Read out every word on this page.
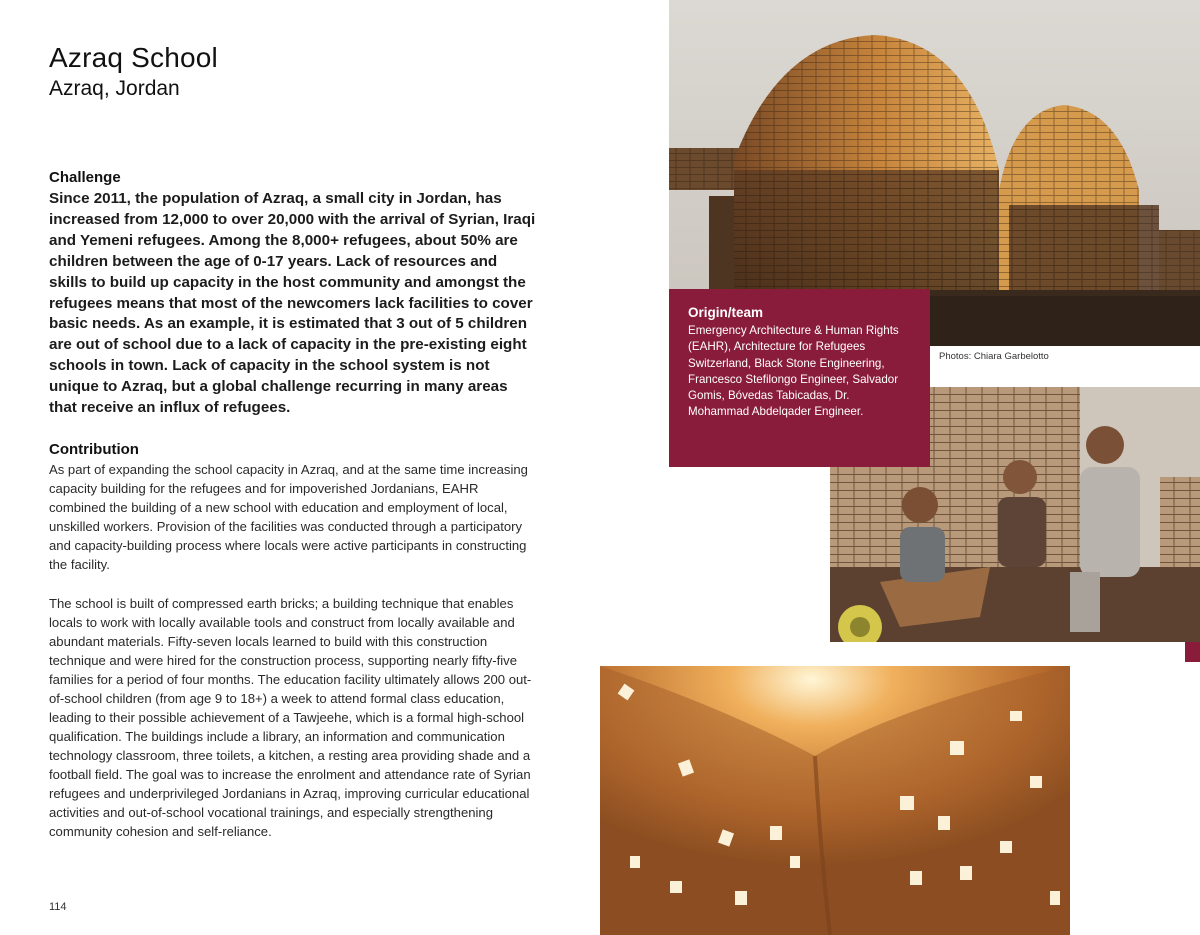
Azraq School
Azraq, Jordan
Challenge

Since 2011, the population of Azraq, a small city in Jordan, has increased from 12,000 to over 20,000 with the arrival of Syrian, Iraqi and Yemeni refugees. Among the 8,000+ refugees, about 50% are children between the age of 0-17 years. Lack of resources and skills to build up capacity in the host community and amongst the refugees means that most of the newcomers lack facilities to cover basic needs. As an example, it is estimated that 3 out of 5 children are out of school due to a lack of capacity in the pre-existing eight schools in town. Lack of capacity in the school system is not unique to Azraq, but a global challenge recurring in many areas that receive an influx of refugees.

Contribution

As part of expanding the school capacity in Azraq, and at the same time increasing capacity building for the refugees and for impoverished Jordanians, EAHR combined the building of a new school with education and employment of local, unskilled workers. Provision of the facilities was conducted through a participatory and capacity-building process where locals were active participants in constructing the facility.

The school is built of compressed earth bricks; a building technique that enables locals to work with locally available tools and construct from locally available and abundant materials. Fifty-seven locals learned to build with this construction technique and were hired for the construction process, supporting nearly fifty-five families for a period of four months. The education facility ultimately allows 200 out-of-school children (from age 9 to 18+) a week to attend formal class education, leading to their possible achievement of a Tawjeehe, which is a formal high-school qualification. The buildings include a library, an information and communication technology classroom, three toilets, a kitchen, a resting area providing shade and a football field. The goal was to increase the enrolment and attendance rate of Syrian refugees and underprivileged Jordanians in Azraq, improving curricular educational activities and out-of-school vocational trainings, and especially strengthening community cohesion and self-reliance.

114
Photos: Chiara Garbelotto

Origin/team

Emergency Architecture & Human Rights (EAHR), Architecture for Refugees Switzerland, Black Stone Engineering, Francesco Stefilongo Engineer, Salvador Gomis, Bóvedas Tabicadas, Dr. Mohammad Abdelqader Engineer.
